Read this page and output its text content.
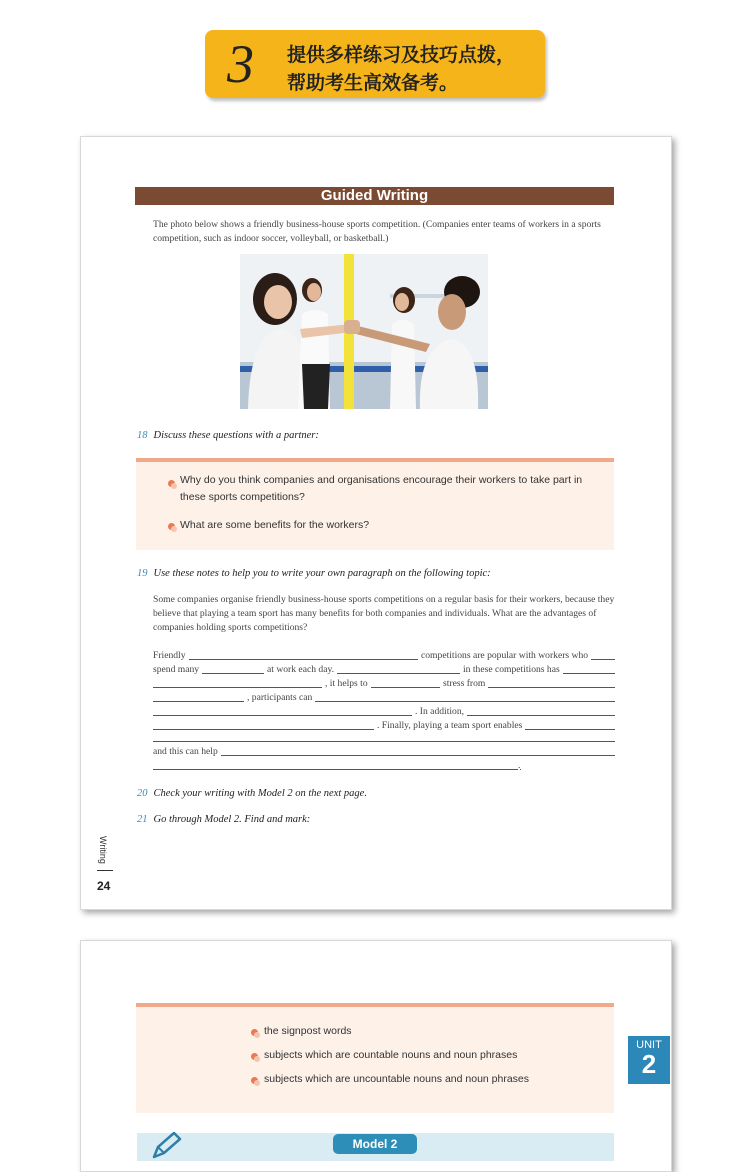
3 提供多样练习及技巧点拨，
帮助考生高效备考。
Guided Writing
The photo below shows a friendly business-house sports competition. (Companies enter teams of workers in a sports competition, such as indoor soccer, volleyball, or basketball.)
18 Discuss these questions with a partner:
Why do you think companies and organisations encourage their workers to take part in these sports competitions?
What are some benefits for the workers?
19 Use these notes to help you to write your own paragraph on the following topic:
Some companies organise friendly business-house sports competitions on a regular basis for their workers, because they believe that playing a team sport has many benefits for both companies and individuals. What are the advantages of companies holding sports competitions?
Friendly	competitions are popular with workers who
spend many	at work each day.	in these competitions has
, it helps to	stress from
, participants can
. In addition,
. Finally, playing a team sport enables
and this can help
.
20 Check your writing with Model 2 on the next page.
21 Go through Model 2. Find and mark:
Writing
24
the signpost words
subjects which are countable nouns and noun phrases
subjects which are uncountable nouns and noun phrases
UNIT
2
Model 2
